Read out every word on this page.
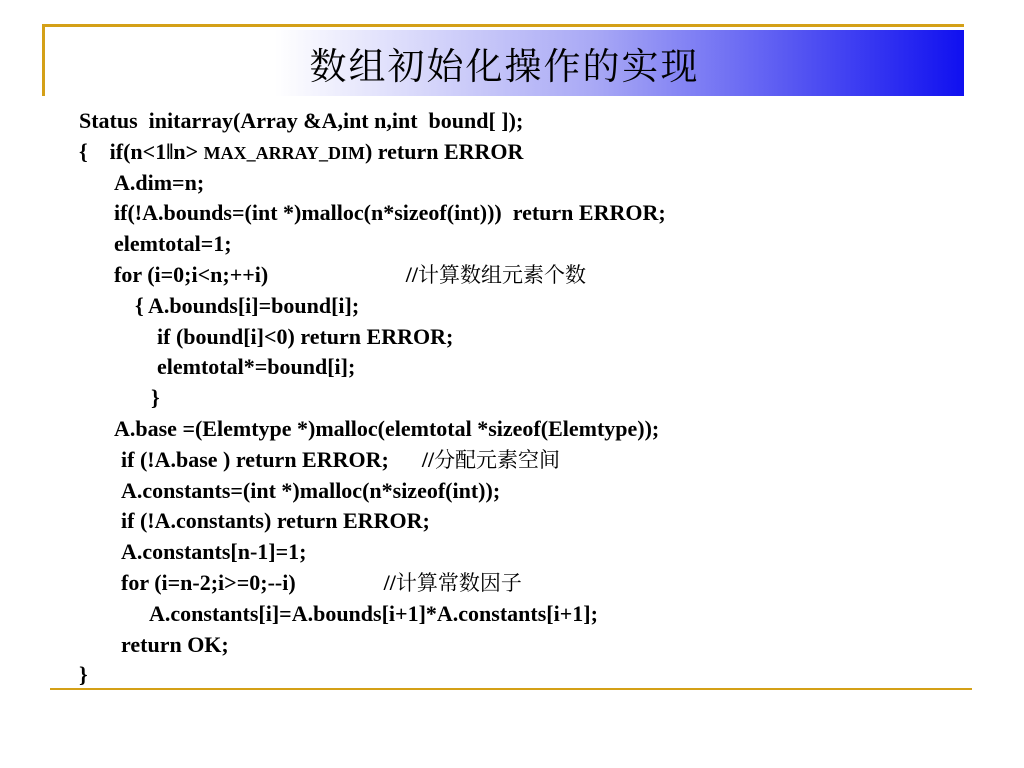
数组初始化操作的实现
Status  initarray(Array &A,int n,int  bound[ ]);
{    if(n<1‖n> MAX_ARRAY_DIM) return ERROR
A.dim=n;
if(!A.bounds=(int *)malloc(n*sizeof(int)))  return ERROR;
elemtotal=1;
for (i=0;i<n;++i)                         //计算数组元素个数
{ A.bounds[i]=bound[i];
if (bound[i]<0) return ERROR;
elemtotal*=bound[i];
}
A.base =(Elemtype *)malloc(elemtotal *sizeof(Elemtype));
if (!A.base ) return ERROR;      //分配元素空间
A.constants=(int *)malloc(n*sizeof(int));
if (!A.constants) return ERROR;
A.constants[n-1]=1;
for (i=n-2;i>=0;--i)                //计算常数因子
A.constants[i]=A.bounds[i+1]*A.constants[i+1];
return OK;
}
